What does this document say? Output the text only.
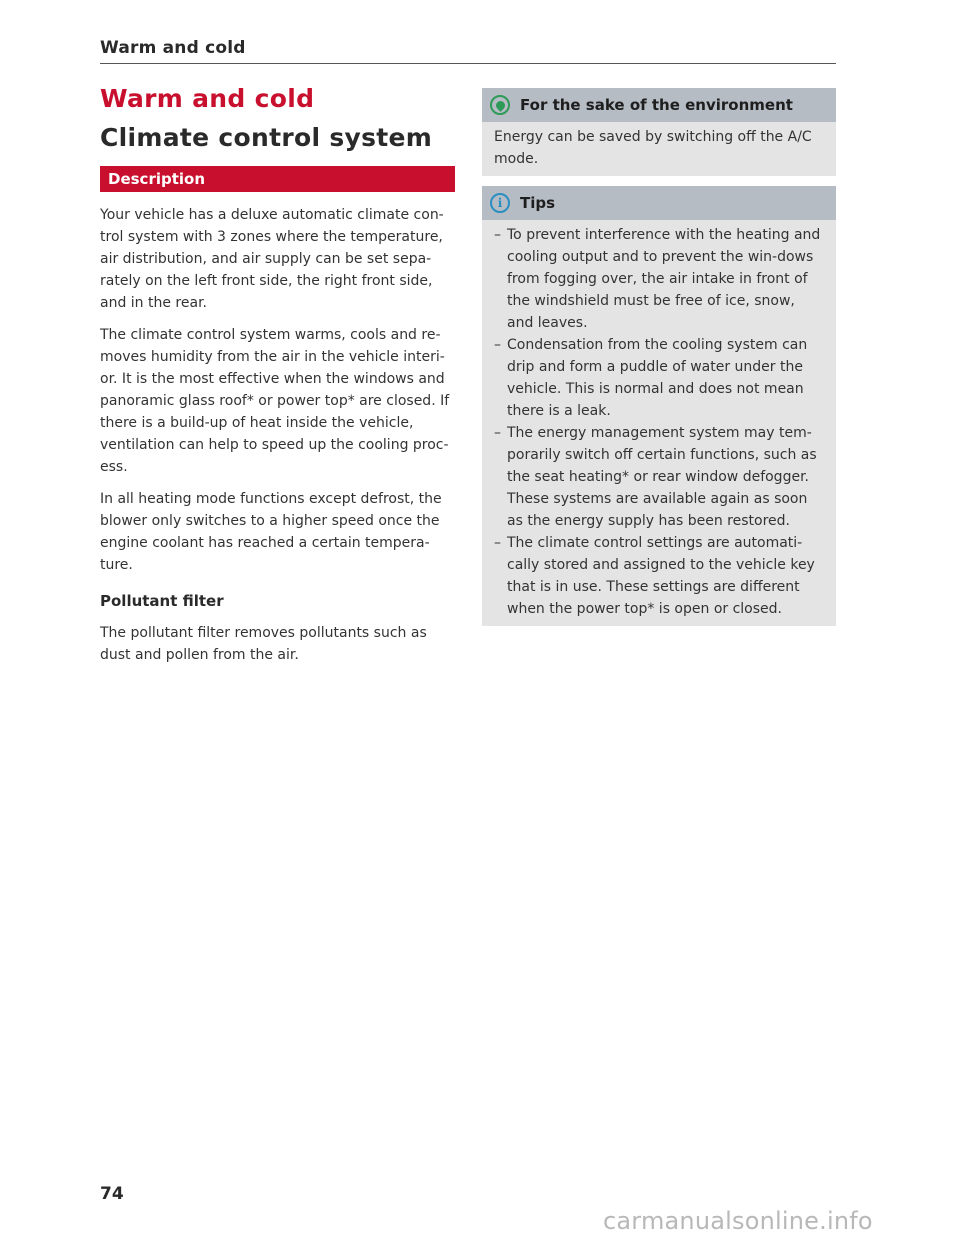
Warm and cold
Warm and cold
Climate control system
Description

Your vehicle has a deluxe automatic climate con-trol system with 3 zones where the temperature, air distribution, and air supply can be set sepa-rately on the left front side, the right front side, and in the rear.

The climate control system warms, cools and re-moves humidity from the air in the vehicle interi-or. It is the most effective when the windows and panoramic glass roof* or power top* are closed. If there is a build-up of heat inside the vehicle, ventilation can help to speed up the cooling proc-ess.

In all heating mode functions except defrost, the blower only switches to a higher speed once the engine coolant has reached a certain tempera-ture.

Pollutant filter

The pollutant filter removes pollutants such as dust and pollen from the air.

For the sake of the environment

Energy can be saved by switching off the A/C mode.

i	Tips
– To prevent interference with the heating and cooling output and to prevent the win-dows from fogging over, the air intake in front of the windshield must be free of ice, snow, and leaves.
– Condensation from the cooling system can drip and form a puddle of water under the vehicle. This is normal and does not mean there is a leak.
– The energy management system may tem-porarily switch off certain functions, such as the seat heating* or rear window defogger. These systems are available again as soon as the energy supply has been restored.
– The climate control settings are automati-cally stored and assigned to the vehicle key that is in use. These settings are different when the power top* is open or closed.
74
carmanualsonline.info
